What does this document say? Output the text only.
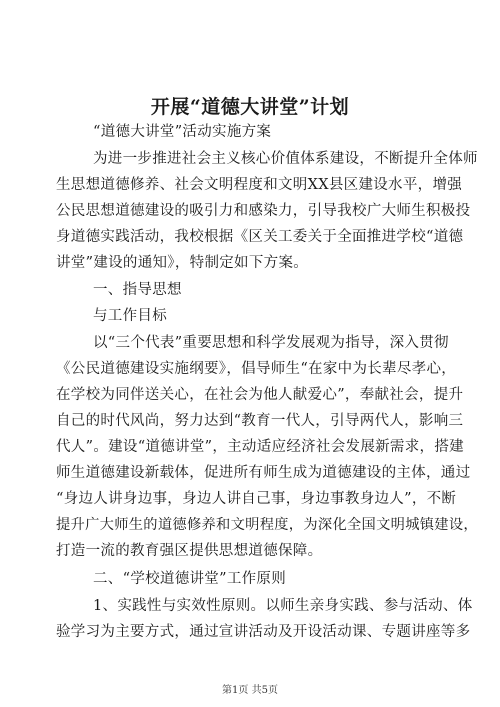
开展“道德大讲堂”计划
“道德大讲堂”活动实施方案
为进一步推进社会主义核心价值体系建设，不断提升全体师
生思想道德修养、社会文明程度和文明XX县区建设水平，增强
公民思想道德建设的吸引力和感染力，引导我校广大师生积极投
身道德实践活动，我校根据《区关工委关于全面推进学校“道德
讲堂”建设的通知》，特制定如下方案。
一、指导思想
与工作目标
以“三个代表”重要思想和科学发展观为指导，深入贯彻
《公民道德建设实施纲要》，倡导师生“在家中为长辈尽孝心，
在学校为同伴送关心，在社会为他人献爱心”，奉献社会，提升
自己的时代风尚，努力达到“教育一代人，引导两代人，影响三
代人”。建设“道德讲堂”，主动适应经济社会发展新需求，搭建
师生道德建设新载体，促进所有师生成为道德建设的主体，通过
“身边人讲身边事，身边人讲自己事，身边事教身边人”，不断
提升广大师生的道德修养和文明程度，为深化全国文明城镇建设，
打造一流的教育强区提供思想道德保障。
二、“学校道德讲堂”工作原则
1、实践性与实效性原则。以师生亲身实践、参与活动、体
验学习为主要方式，通过宣讲活动及开设活动课、专题讲座等多
第1页 共5页
